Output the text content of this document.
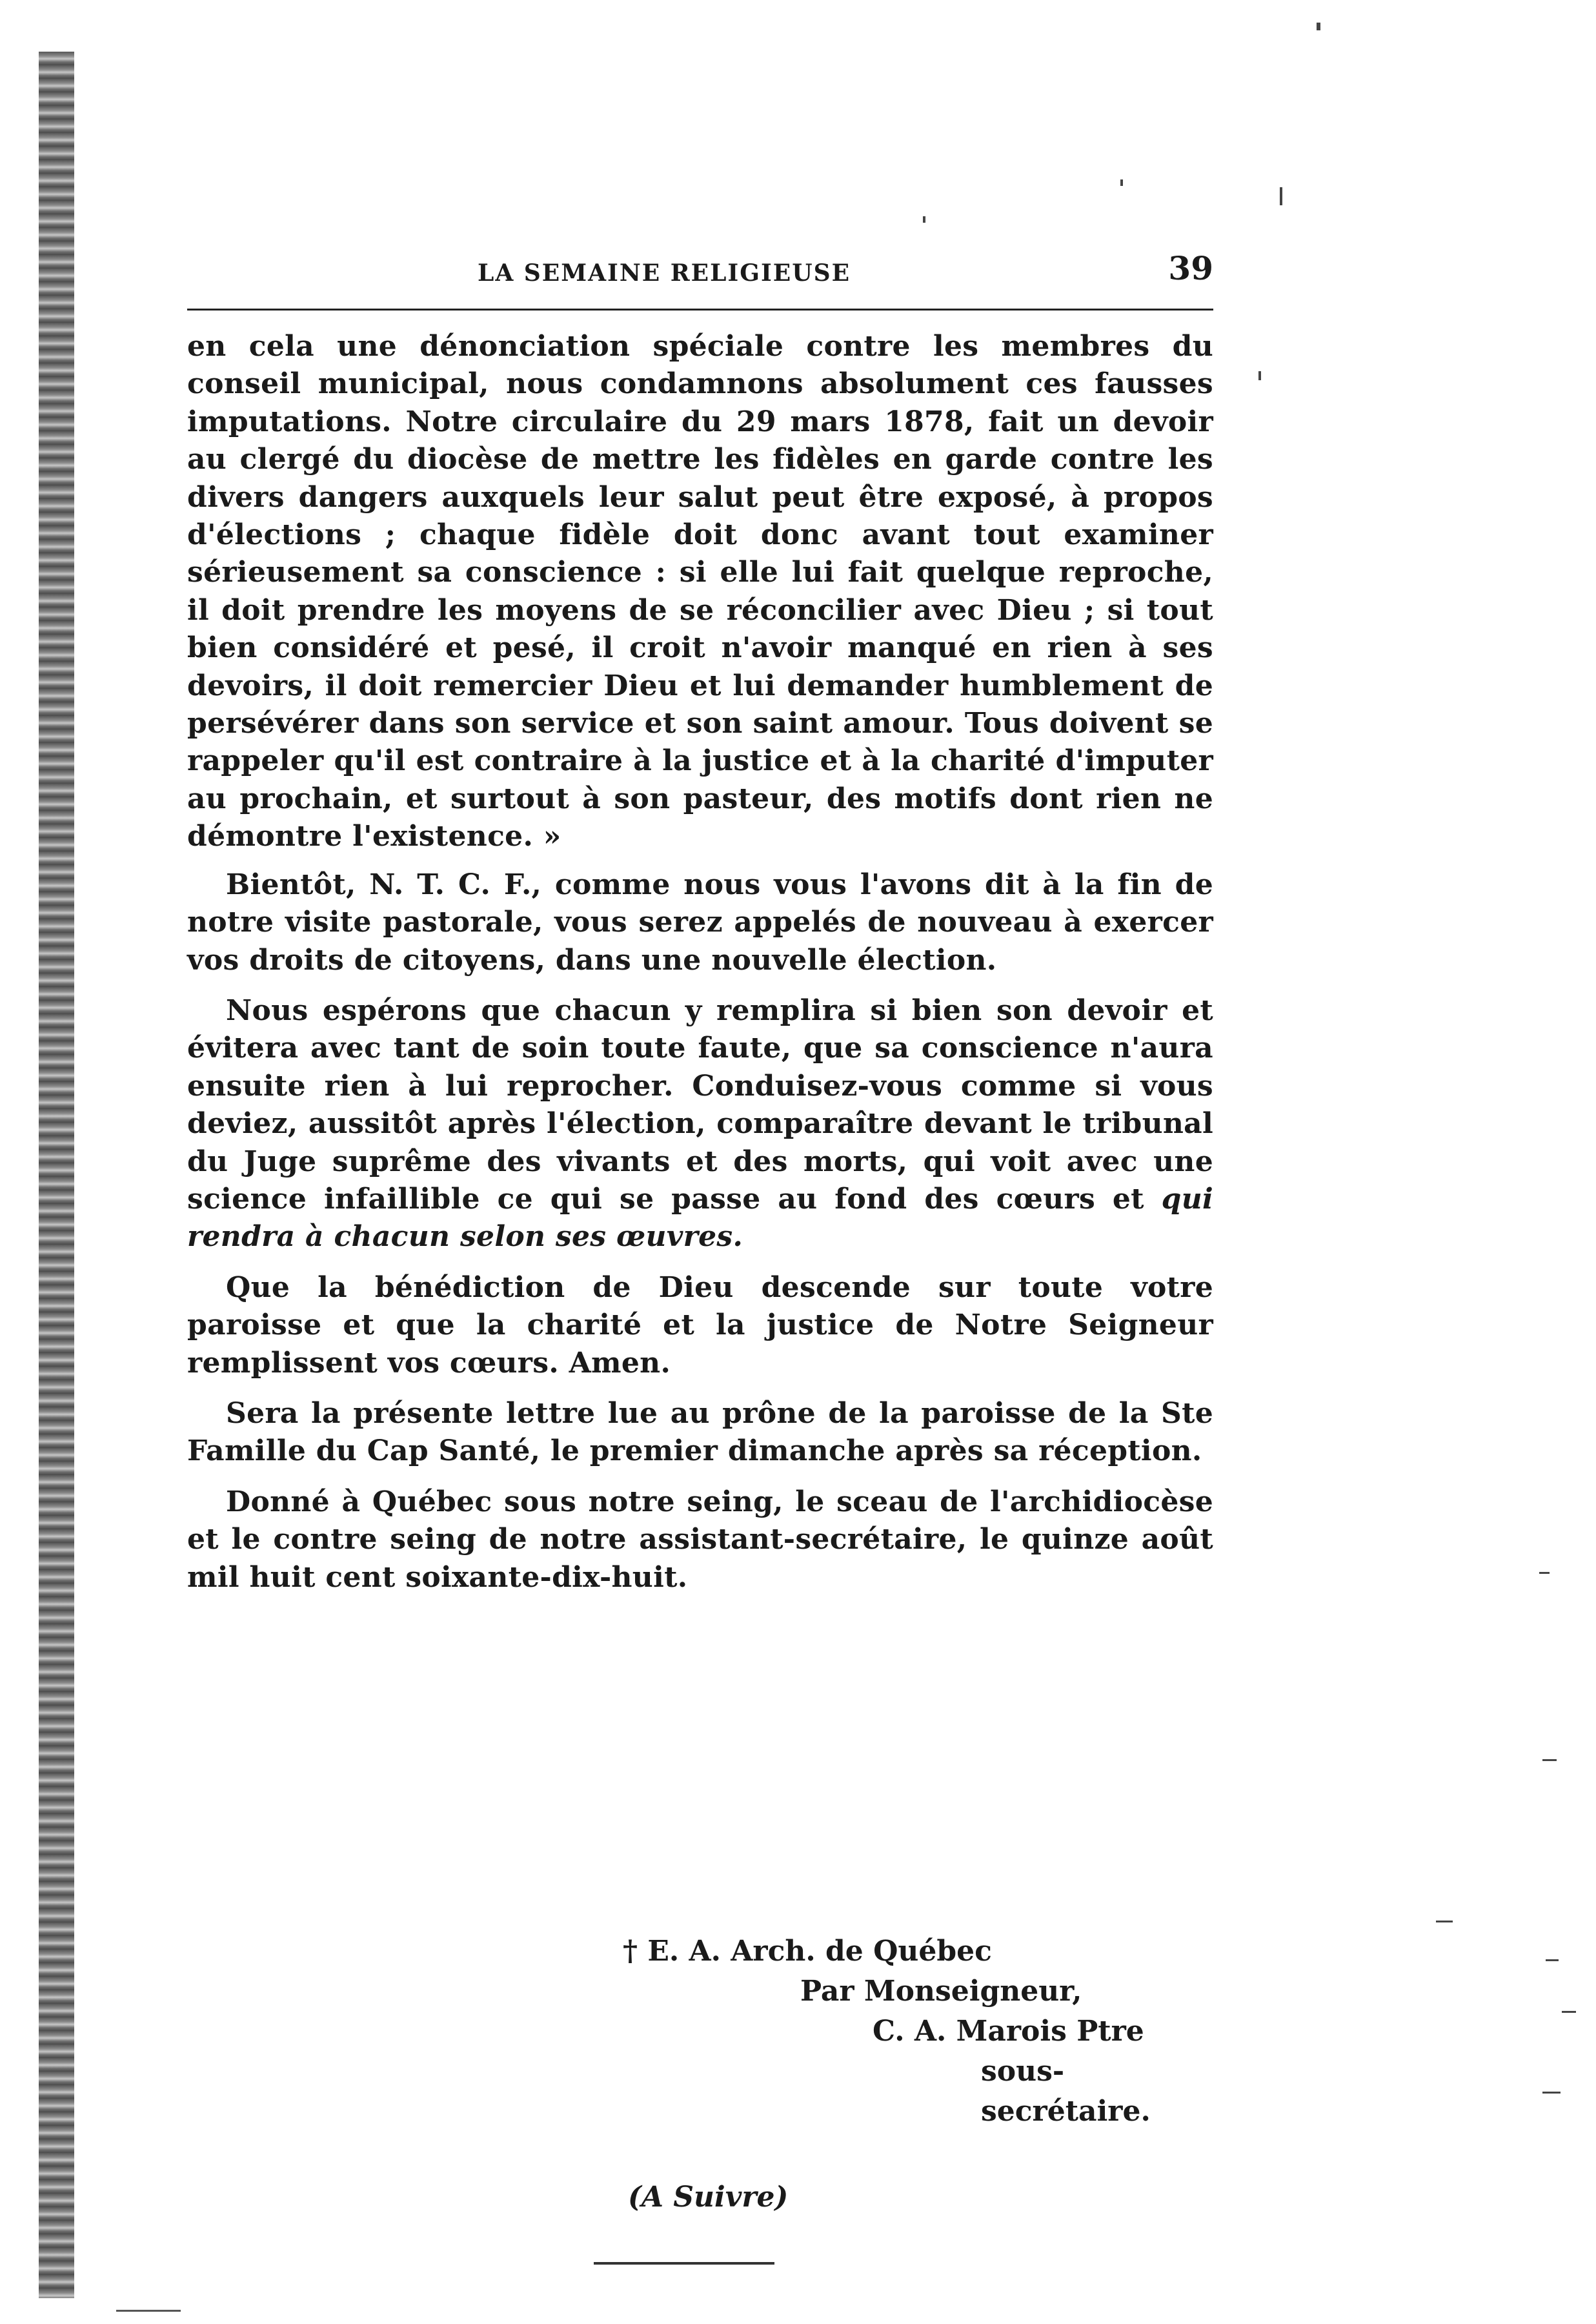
LA SEMAINE RELIGIEUSE	39

en cela une dénonciation spéciale contre les membres du conseil municipal, nous condamnons absolument ces fausses imputations. Notre circulaire du 29 mars 1878, fait un devoir au clergé du diocèse de mettre les fidèles en garde contre les divers dangers auxquels leur salut peut être exposé, à propos d'élections ; chaque fidèle doit donc avant tout examiner sérieusement sa conscience : si elle lui fait quelque reproche, il doit prendre les moyens de se réconcilier avec Dieu ; si tout bien considéré et pesé, il croit n'avoir manqué en rien à ses devoirs, il doit remercier Dieu et lui demander humblement de persévérer dans son service et son saint amour. Tous doivent se rappeler qu'il est contraire à la justice et à la charité d'imputer au prochain, et surtout à son pasteur, des motifs dont rien ne démontre l'existence. »

Bientôt, N. T. C. F., comme nous vous l'avons dit à la fin de notre visite pastorale, vous serez appelés de nouveau à exercer vos droits de citoyens, dans une nouvelle élection.

Nous espérons que chacun y remplira si bien son devoir et évitera avec tant de soin toute faute, que sa conscience n'aura ensuite rien à lui reprocher. Conduisez-vous comme si vous deviez, aussitôt après l'élection, comparaître devant le tribunal du Juge suprême des vivants et des morts, qui voit avec une science infaillible ce qui se passe au fond des cœurs et qui rendra à chacun selon ses œuvres.

Que la bénédiction de Dieu descende sur toute votre paroisse et que la charité et la justice de Notre Seigneur remplissent vos cœurs. Amen.

Sera la présente lettre lue au prône de la paroisse de la Ste Famille du Cap Santé, le premier dimanche après sa réception.

Donné à Québec sous notre seing, le sceau de l'archidiocèse et le contre seing de notre assistant-secrétaire, le quinze août mil huit cent soixante-dix-huit.

† E. A. Arch. de Québec
Par Monseigneur,
C. A. Marois Ptre
sous-secrétaire.
(A Suivre)
